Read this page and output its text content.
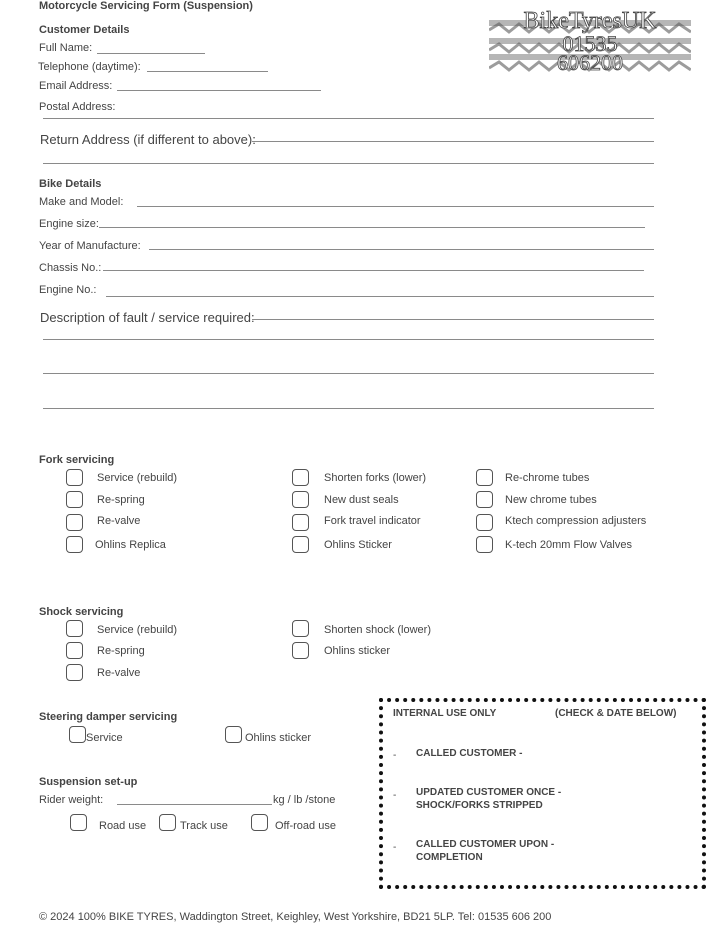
Motorcycle Servicing Form (Suspension)
BikeTyresUK
01535
606200
Customer Details
Full Name:
Telephone (daytime):
Email Address:
Postal Address:
Return Address (if different to above):
Bike Details
Make and Model:
Engine size:
Year of Manufacture:
Chassis No.:
Engine No.:
Description of fault / service required:
Fork servicing
Service (rebuild)
Re-spring
Re-valve
Ohlins Replica
Shorten forks (lower)
New dust seals
Fork travel indicator
Ohlins Sticker
Re-chrome tubes
New chrome tubes
Ktech compression adjusters
K-tech 20mm Flow Valves
Shock servicing
Service (rebuild)
Re-spring
Re-valve
Shorten shock (lower)
Ohlins sticker
Steering damper servicing
Service	Ohlins sticker
Suspension set-up
Rider weight:	kg / lb /stone
Road use	Track use	Off-road use
INTERNAL USE ONLY	(CHECK & DATE BELOW)
- CALLED CUSTOMER -
- UPDATED CUSTOMER ONCE -
SHOCK/FORKS STRIPPED
- CALLED CUSTOMER UPON -
COMPLETION
© 2024 100% BIKE TYRES, Waddington Street, Keighley, West Yorkshire, BD21 5LP. Tel: 01535 606 200
